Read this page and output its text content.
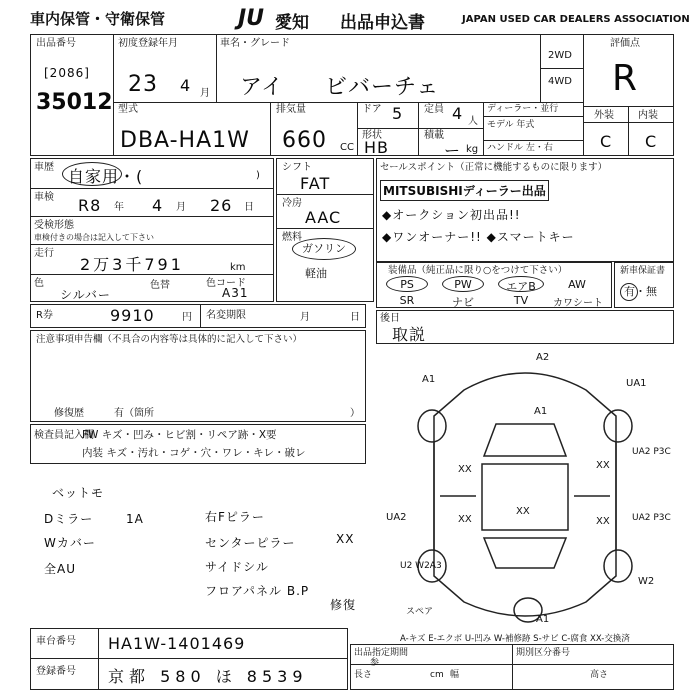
車内保管・守衛保管	JU 愛知 出品申込書	JAPAN USED CAR DEALERS ASSOCIATION
出品番号
[2086]
35012
初度登録年月
23 4 月
車名・グレード
アイ ビバーチェ
2WD
4WD
評価点
R
外装 内装
C C
型式
DBA-HA1W
排気量
660 CC
ドア 5 定員 4 人
ディーラー・並行
モデル 年式
ハンドル 左・右
形状
HB
積載
ー kg
車歴 自家用・(	)
車検 R8 年 4 月 26 日
受検形態
車検付きの場合は記入して下さい
走行
2万3千791	km
色
シルバー
色替	色コード
A31
シフト
FAT
冷房
AAC
燃料
ガソリン
軽油
セールスポイント（正常に機能するものに限ります）
MITSUBISHIディーラー出品
◆オークション初出品!!
◆ワンオーナー!! ◆スマートキー
装備品（純正品に限り○をつけて下さい）
PS	PW	エアB	AW
SR	ナビ	TV	カワシート
新車保証書
有・無
R券	9910	円 名変期限	月	日 後日
取説
注意事項申告欄（不具合の内容等は具体的に記入して下さい）
修復歴	有（箇所	）
検査員記入欄
FW キズ・凹み・ヒビ割・リペア跡・X要
内装 キズ・汚れ・コゲ・穴・ワレ・キレ・破レ
ベットモ
Dミラー
Wカバー
全AU
1A	右Fピラー
センターピラー
サイドシル
フロアパネル B.P
XX
修復
A2
A1	UA1
A1
UA2 P3C
XX	XX
XX	XX
XX
UA2	UA2 P3C
U2 W2A3
W2
A1
スペア
A-キズ E-エクボ U-凹み W-補修跡 S-サビ C-腐食 XX-交換済
車台番号 HA1W-1401469
登録番号 京都 580 ほ 8539
出品指定期間	期別区分番号
参
長さ	幅	高さ
cm
